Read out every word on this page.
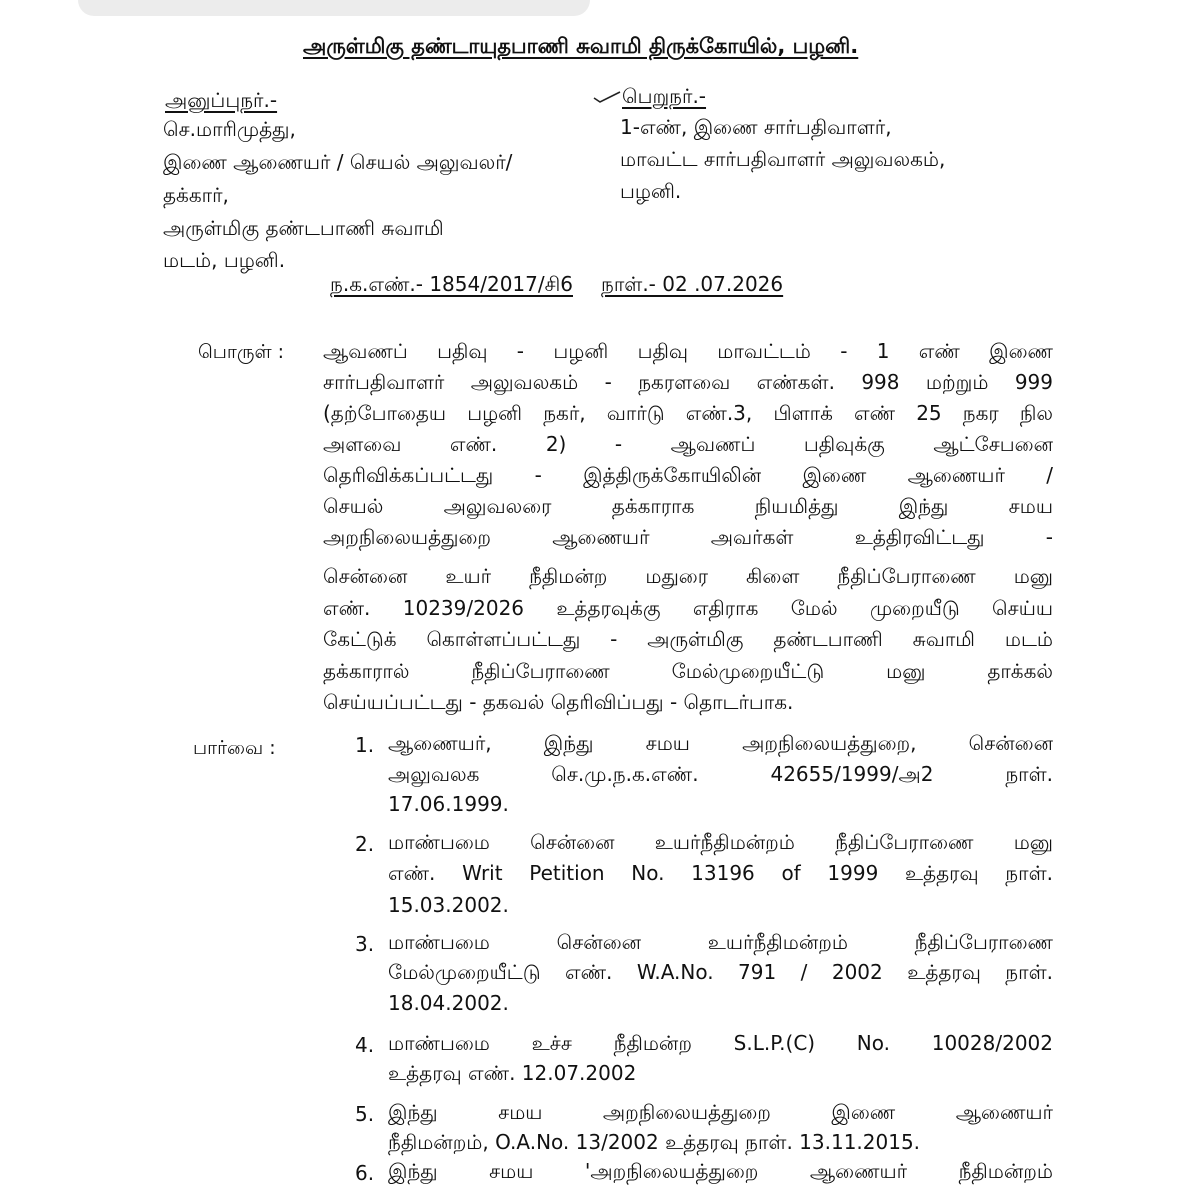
அருள்மிகு தண்டாயுதபாணி சுவாமி திருக்கோயில், பழனி.
அனுப்புநர்.-
செ.மாரிமுத்து,
இணை ஆணையர் / செயல் அலுவலர்/
தக்கார்,
அருள்மிகு தண்டபாணி சுவாமி
மடம், பழனி.
பெறுநர்.-
1-எண், இணை சார்பதிவாளர்,
மாவட்ட சார்பதிவாளர் அலுவலகம்,
பழனி.
ந.க.எண்.- 1854/2017/சி6 நாள்.- 02 .07.2026
பொருள் : ஆவணப் பதிவு - பழனி பதிவு மாவட்டம் - 1 எண் இணை
சார்பதிவாளர் அலுவலகம் - நகரளவை எண்கள். 998 மற்றும் 999
(தற்போதைய பழனி நகர், வார்டு எண்.3, பிளாக் எண் 25 நகர நில
அளவை எண். 2) - ஆவணப் பதிவுக்கு ஆட்சேபனை
தெரிவிக்கப்பட்டது - இத்திருக்கோயிலின் இணை ஆணையர் /
செயல் அலுவலரை தக்காராக நியமித்து இந்து சமய
அறநிலையத்துறை ஆணையர் அவர்கள் உத்திரவிட்டது -
சென்னை உயர் நீதிமன்ற மதுரை கிளை நீதிப்பேராணை மனு
எண். 10239/2026 உத்தரவுக்கு எதிராக மேல் முறையீடு செய்ய
கேட்டுக் கொள்ளப்பட்டது - அருள்மிகு தண்டபாணி சுவாமி மடம்
தக்காரால் நீதிப்பேராணை மேல்முறையீட்டு மனு தாக்கல்
செய்யப்பட்டது - தகவல் தெரிவிப்பது - தொடர்பாக.
பார்வை :	1. ஆணையர், இந்து சமய அறநிலையத்துறை, சென்னை
அலுவலக செ.மு.ந.க.எண். 42655/1999/அ2 நாள்.
17.06.1999.
2. மாண்பமை சென்னை உயர்நீதிமன்றம் நீதிப்பேராணை மனு
எண். Writ Petition No. 13196 of 1999 உத்தரவு நாள்.
15.03.2002.
3. மாண்பமை சென்னை உயர்நீதிமன்றம் நீதிப்பேராணை
மேல்முறையீட்டு எண். W.A.No. 791 / 2002 உத்தரவு நாள்.
18.04.2002.
4. மாண்பமை உச்ச நீதிமன்ற S.L.P.(C) No. 10028/2002
உத்தரவு எண். 12.07.2002
5. இந்து சமய அறநிலையத்துறை இணை ஆணையர்
நீதிமன்றம், O.A.No. 13/2002 உத்தரவு நாள். 13.11.2015.
6. இந்து சமய 'அறநிலையத்துறை ஆணையர் நீதிமன்றம்
